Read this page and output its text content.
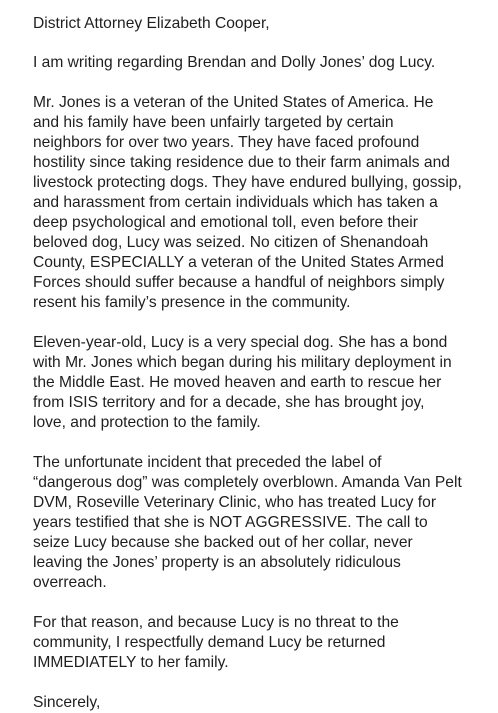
District Attorney Elizabeth Cooper,

I am writing regarding Brendan and Dolly Jones’ dog Lucy.

Mr. Jones is a veteran of the United States of America. He
and his family have been unfairly targeted by certain
neighbors for over two years. They have faced profound
hostility since taking residence due to their farm animals and
livestock protecting dogs. They have endured bullying, gossip,
and harassment from certain individuals which has taken a
deep psychological and emotional toll, even before their
beloved dog, Lucy was seized. No citizen of Shenandoah
County, ESPECIALLY a veteran of the United States Armed
Forces should suffer because a handful of neighbors simply
resent his family’s presence in the community.

Eleven-year-old, Lucy is a very special dog. She has a bond
with Mr. Jones which began during his military deployment in
the Middle East. He moved heaven and earth to rescue her
from ISIS territory and for a decade, she has brought joy,
love, and protection to the family.

The unfortunate incident that preceded the label of
“dangerous dog” was completely overblown. Amanda Van Pelt
DVM, Roseville Veterinary Clinic, who has treated Lucy for
years testified that she is NOT AGGRESSIVE. The call to
seize Lucy because she backed out of her collar, never
leaving the Jones’ property is an absolutely ridiculous
overreach.

For that reason, and because Lucy is no threat to the
community, I respectfully demand Lucy be returned
IMMEDIATELY to her family.

Sincerely,
